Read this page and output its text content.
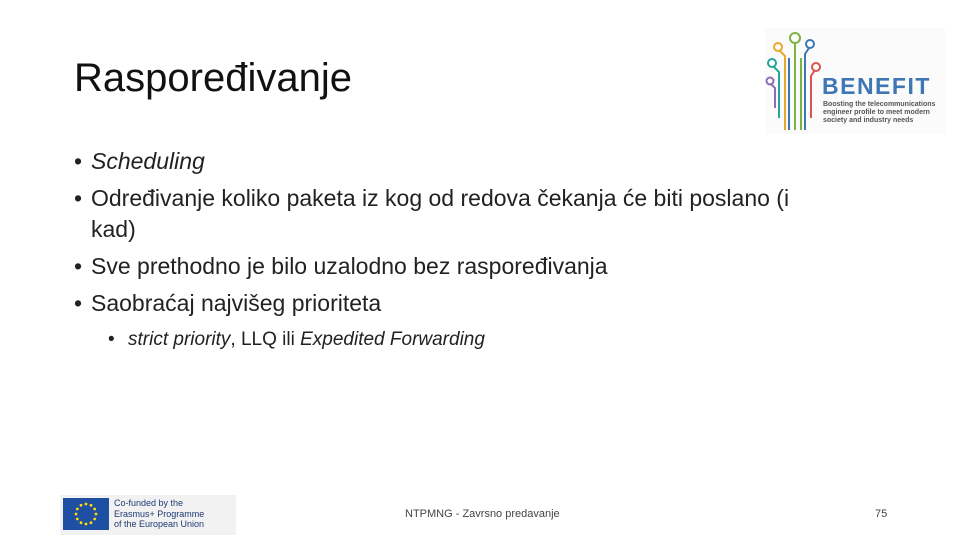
Raspoređivanje	BENEFIT
Boosting the telecommunications engineer profile to meet modern society and industry needs
• Scheduling
• Određivanje koliko paketa iz kog od redova čekanja će biti poslano (i kad)
• Sve prethodno je bilo uzalodno bez raspoređivanja
• Saobraćaj najvišeg prioriteta
• strict priority, LLQ ili Expedited Forwarding
Co-funded by the
Erasmus+ Programme
of the European Union
NTPMNG - Zavrsno predavanje	75
